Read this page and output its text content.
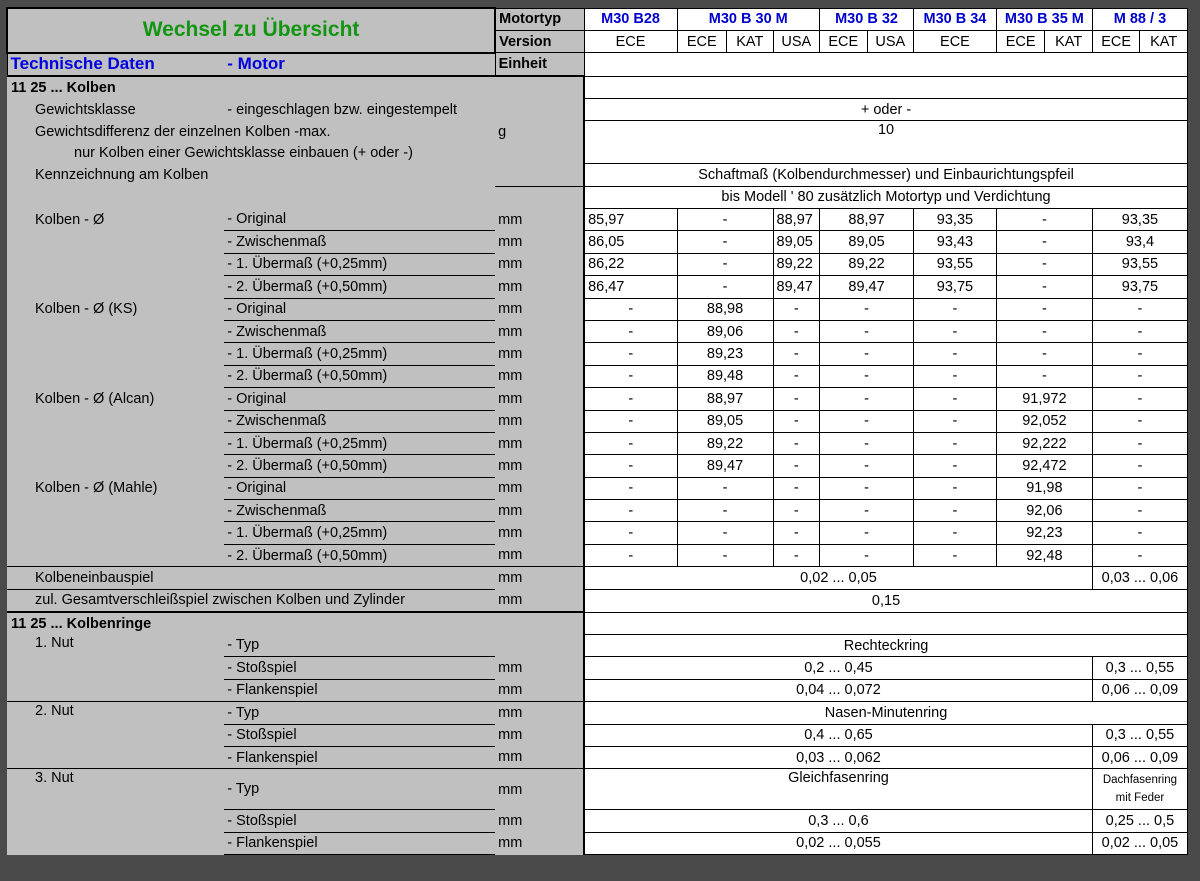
Wechsel zu Übersicht		Motortyp	M30 B28	M30 B 30 M			M30 B 32		M30 B 34	M30 B 35 M		M 88 / 3	
		Version	ECE	ECE	KAT	USA	ECE	USA	ECE	ECE	KAT	ECE	KAT
Technische Daten	- Motor	Einheit											
11 25 ... Kolben													
Gewichtsklasse	- eingeschlagen bzw. eingestempelt		+ oder -										
Gewichtsdifferenz der einzelnen Kolben -max.		g	10										
nur Kolben einer Gewichtsklasse einbauen (+ oder -)													
Kennzeichnung am Kolben			Schaftmaß (Kolbendurchmesser) und Einbaurichtungspfeil										
			bis Modell ' 80 zusätzlich Motortyp und Verdichtung										
Kolben - Ø	- Original	mm	85,97	-		88,97	88,97		93,35	-		93,35	
	- Zwischenmaß	mm	86,05	-		89,05	89,05		93,43	-		93,4	
	- 1. Übermaß (+0,25mm)	mm	86,22	-		89,22	89,22		93,55	-		93,55	
	- 2. Übermaß (+0,50mm)	mm	86,47	-		89,47	89,47		93,75	-		93,75	
Kolben - Ø (KS)	- Original	mm	-	88,98		-	-		-	-		-	
	- Zwischenmaß	mm	-	89,06		-	-		-	-		-	
	- 1. Übermaß (+0,25mm)	mm	-	89,23		-	-		-	-		-	
	- 2. Übermaß (+0,50mm)	mm	-	89,48		-	-		-	-		-	
Kolben - Ø (Alcan)	- Original	mm	-	88,97		-	-		-	91,972		-	
	- Zwischenmaß	mm	-	89,05		-	-		-	92,052		-	
	- 1. Übermaß (+0,25mm)	mm	-	89,22		-	-		-	92,222		-	
	- 2. Übermaß (+0,50mm)	mm	-	89,47		-	-		-	92,472		-	
Kolben - Ø (Mahle)	- Original	mm	-	-		-	-		-	91,98		-	
	- Zwischenmaß	mm	-	-		-	-		-	92,06		-	
	- 1. Übermaß (+0,25mm)	mm	-	-		-	-		-	92,23		-	
	- 2. Übermaß (+0,50mm)	mm	-	-		-	-		-	92,48		-	
Kolbeneinbauspiel		mm	0,02 ... 0,05									0,03 ... 0,06	
zul. Gesamtverschleißspiel zwischen Kolben und Zylinder		mm	0,15										
11 25 ... Kolbenringe													
1. Nut	- Typ		Rechteckring										
	- Stoßspiel	mm	0,2 ... 0,45									0,3 ... 0,55	
	- Flankenspiel	mm	0,04 ... 0,072									0,06 ... 0,09	
2. Nut	- Typ	mm	Nasen-Minutenring										
	- Stoßspiel	mm	0,4 ... 0,65									0,3 ... 0,55	
	- Flankenspiel	mm	0,03 ... 0,062									0,06 ... 0,09	
3. Nut	- Typ	mm	Gleichfasenring									Dachfasenring
mit Feder	

	- Stoßspiel	mm	0,3 ... 0,6									0,25 ... 0,5	
	- Flankenspiel	mm	0,02 ... 0,055									0,02 ... 0,05	
